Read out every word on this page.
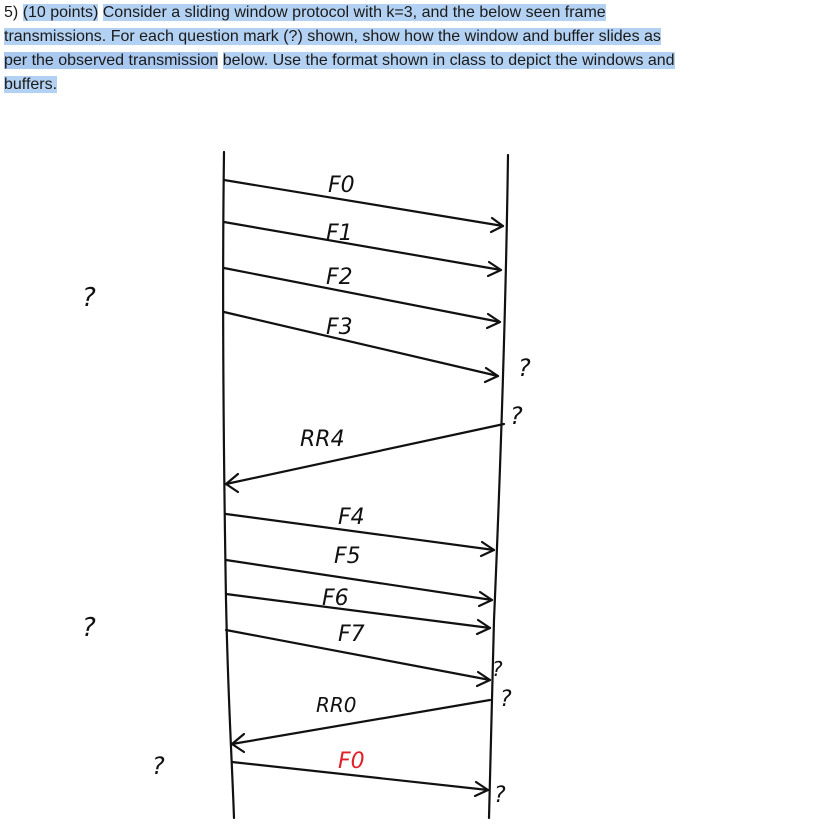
5) (10 points) Consider a sliding window protocol with k=3, and the below seen frame
transmissions. For each question mark (?) shown, show how the window and buffer slides as
per the observed transmission below. Use the format shown in class to depict the windows and
buffers.

F0
F1
F2
F3
RR4
F4
F5
F6
F7
RR0
F0
?
?
?
?
?
?
?
?
